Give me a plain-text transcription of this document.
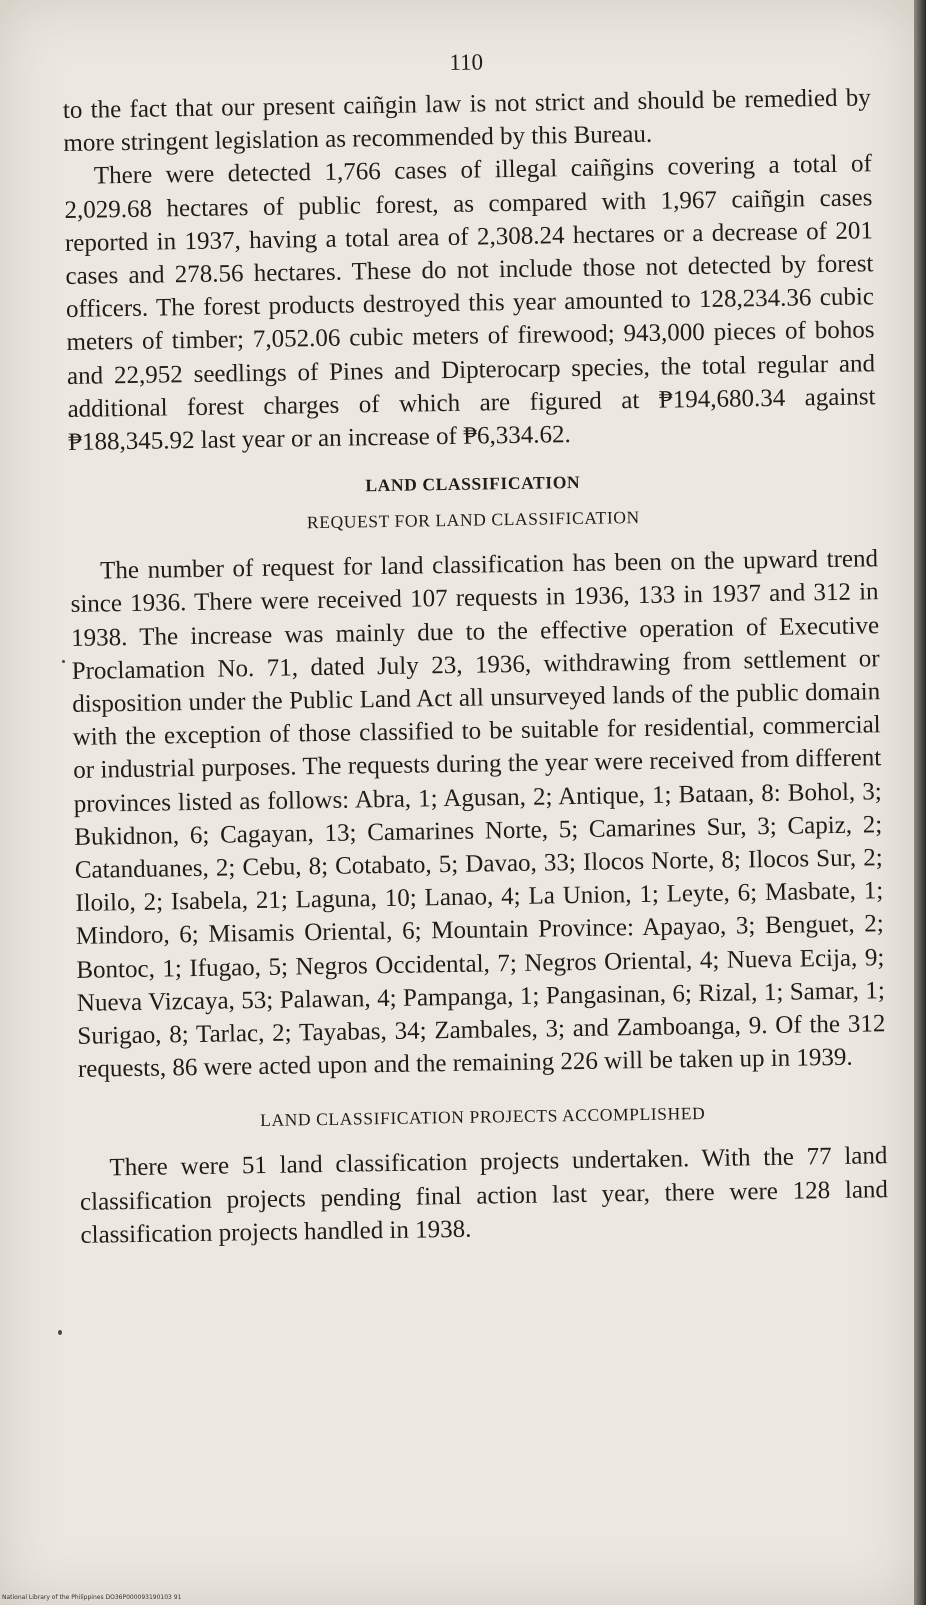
110

to the fact that our present caiñgin law is not strict and should be remedied by more stringent legislation as recommended by this Bureau.

There were detected 1,766 cases of illegal caiñgins covering a total of 2,029.68 hectares of public forest, as compared with 1,967 caiñgin cases reported in 1937, having a total area of 2,308.24 hectares or a decrease of 201 cases and 278.56 hectares. These do not include those not detected by forest officers. The forest products destroyed this year amounted to 128,234.36 cubic meters of timber; 7,052.06 cubic meters of firewood; 943,000 pieces of bohos and 22,952 seedlings of Pines and Dipterocarp species, the total regular and additional forest charges of which are figured at ₱194,680.34 against ₱188,345.92 last year or an increase of ₱6,334.62.

LAND CLASSIFICATION
REQUEST FOR LAND CLASSIFICATION

The number of request for land classification has been on the upward trend since 1936. There were received 107 requests in 1936, 133 in 1937 and 312 in 1938. The increase was mainly due to the effective operation of Executive Proclamation No. 71, dated July 23, 1936, withdrawing from settlement or disposition under the Public Land Act all unsurveyed lands of the public domain with the exception of those classified to be suitable for residential, commercial or industrial purposes. The requests during the year were received from different provinces listed as follows: Abra, 1; Agusan, 2; Antique, 1; Bataan, 8: Bohol, 3; Bukidnon, 6; Cagayan, 13; Camarines Norte, 5; Camarines Sur, 3; Capiz, 2; Catanduanes, 2; Cebu, 8; Cotabato, 5; Davao, 33; Ilocos Norte, 8; Ilocos Sur, 2; Iloilo, 2; Isabela, 21; Laguna, 10; Lanao, 4; La Union, 1; Leyte, 6; Masbate, 1; Mindoro, 6; Misamis Oriental, 6; Mountain Province: Apayao, 3; Benguet, 2; Bontoc, 1; Ifugao, 5; Negros Occidental, 7; Negros Oriental, 4; Nueva Ecija, 9; Nueva Vizcaya, 53; Palawan, 4; Pampanga, 1; Pangasinan, 6; Rizal, 1; Samar, 1; Surigao, 8; Tarlac, 2; Tayabas, 34; Zambales, 3; and Zamboanga, 9. Of the 312 requests, 86 were acted upon and the remaining 226 will be taken up in 1939.

LAND CLASSIFICATION PROJECTS ACCOMPLISHED

There were 51 land classification projects undertaken. With the 77 land classification projects pending final action last year, there were 128 land classification projects handled in 1938.

National Library of the Philippines DO36P000093190103 91
